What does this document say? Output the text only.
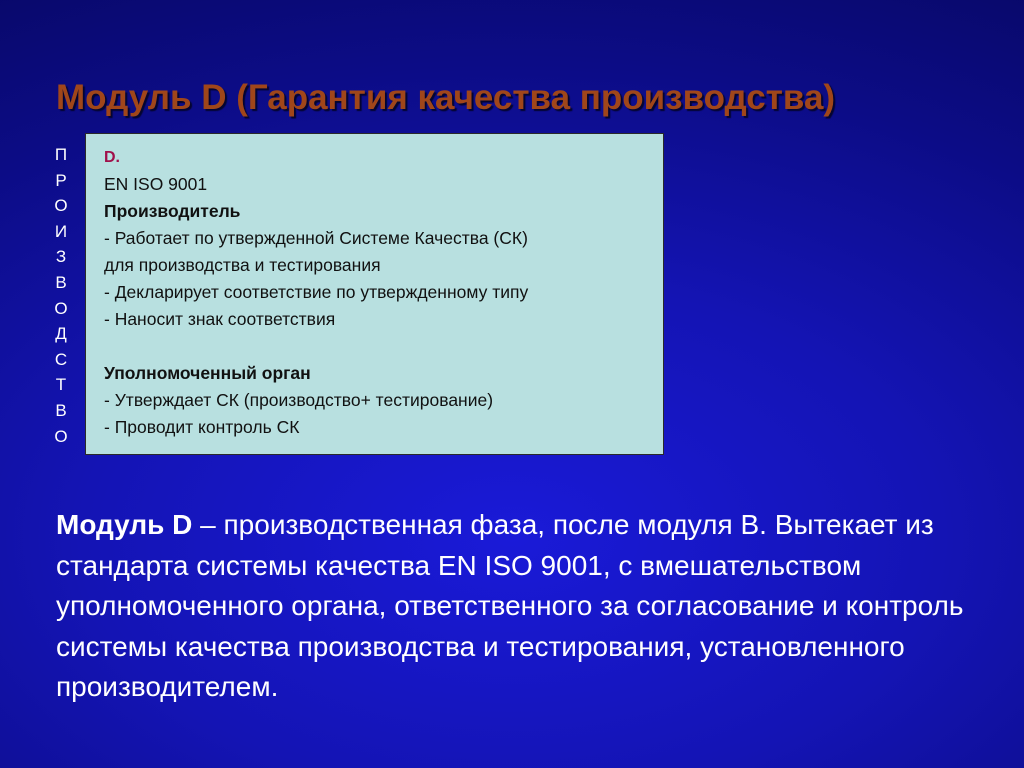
Модуль D (Гарантия качества производства)
П
Р
О
И
З
В
О
Д
С
Т
В
О
D.
EN ISO 9001
Производитель
- Работает по утвержденной Системе Качества (СК)
для производства и тестирования
- Декларирует соответствие по утвержденному типу
- Наносит знак соответствия
Уполномоченный орган
- Утверждает СК (производство+ тестирование)
- Проводит контроль СК

Модуль D – производственная фаза, после модуля В. Вытекает из стандарта системы качества EN ISO 9001, с вмешательством уполномоченного органа, ответственного за согласование и контроль системы качества производства и тестирования, установленного производителем.
